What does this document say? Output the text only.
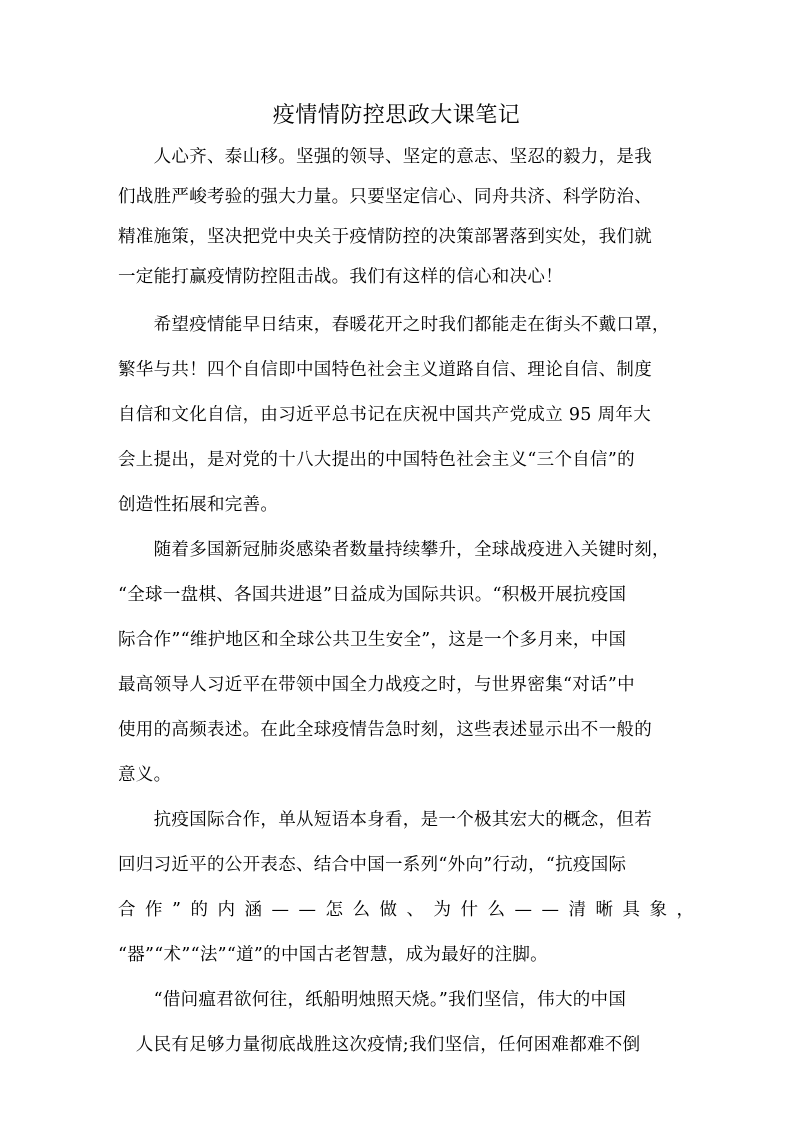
疫情情防控思政大课笔记
　　人心齐、泰山移。坚强的领导、坚定的意志、坚忍的毅力，是我
们战胜严峻考验的强大力量。只要坚定信心、同舟共济、科学防治、
精准施策，坚决把党中央关于疫情防控的决策部署落到实处，我们就
一定能打赢疫情防控阻击战。我们有这样的信心和决心！
　　希望疫情能早日结束，春暖花开之时我们都能走在街头不戴口罩，
繁华与共！四个自信即中国特色社会主义道路自信、理论自信、制度
自信和文化自信，由习近平总书记在庆祝中国共产党成立 95 周年大
会上提出，是对党的十八大提出的中国特色社会主义“三个自信”的
创造性拓展和完善。
　　随着多国新冠肺炎感染者数量持续攀升，全球战疫进入关键时刻，
“全球一盘棋、各国共进退”日益成为国际共识。“积极开展抗疫国
际合作”“维护地区和全球公共卫生安全”，这是一个多月来，中国
最高领导人习近平在带领中国全力战疫之时，与世界密集“对话”中
使用的高频表述。在此全球疫情告急时刻，这些表述显示出不一般的
意义。
　　抗疫国际合作，单从短语本身看，是一个极其宏大的概念，但若
回归习近平的公开表态、结合中国一系列“外向”行动，“抗疫国际
合作”的内涵——怎么做、为什么——清晰具象，
“器”“术”“法”“道”的中国古老智慧，成为最好的注脚。
　　“借问瘟君欲何往，纸船明烛照天烧。”我们坚信，伟大的中国
　人民有足够力量彻底战胜这次疫情;我们坚信，任何困难都难不倒
